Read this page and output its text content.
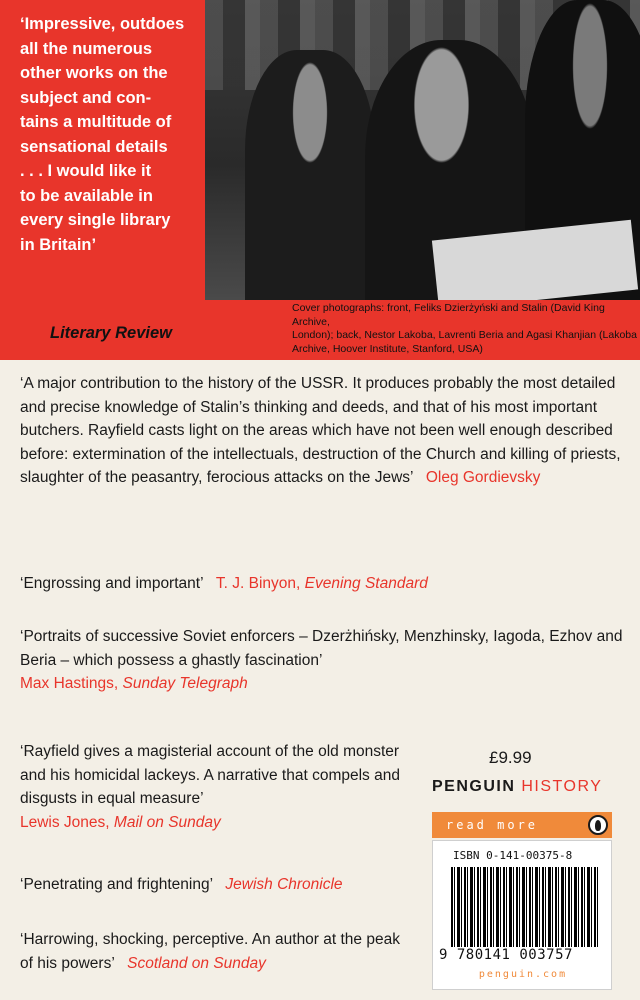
‘Impressive, outdoes
all the numerous
other works on the
subject and con-
tains a multitude of
sensational details
. . . I would like it
to be available in
every single library
in Britain’
Literary Review
Cover photographs: front, Feliks Dzierżyński and Stalin (David King Archive,
London); back, Nestor Lakoba, Lavrenti Beria and Agasi Khanjian (Lakoba
Archive, Hoover Institute, Stanford, USA)
‘A major contribution to the history of the USSR. It produces probably the most detailed and precise knowledge of Stalin’s thinking and deeds, and that of his most important butchers. Rayfield casts light on the areas which have not been well enough described before: extermination of the intellectuals, destruction of the Church and killing of priests, slaughter of the peasantry, ferocious attacks on the Jews’ Oleg Gordievsky
‘Engrossing and important’ T. J. Binyon, Evening Standard
‘Portraits of successive Soviet enforcers – Dzerżhińsky, Menzhinsky, Iagoda, Ezhov and Beria – which possess a ghastly fascination’
Max Hastings, Sunday Telegraph
‘Rayfield gives a magisterial account of the old monster and his homicidal lackeys. A narrative that compels and disgusts in equal measure’
Lewis Jones, Mail on Sunday
‘Penetrating and frightening’ Jewish Chronicle
‘Harrowing, shocking, perceptive. An author at the peak of his powers’ Scotland on Sunday
£9.99
PENGUIN HISTORY
read more
ISBN 0-141-00375-8
9 780141 003757
penguin.com
